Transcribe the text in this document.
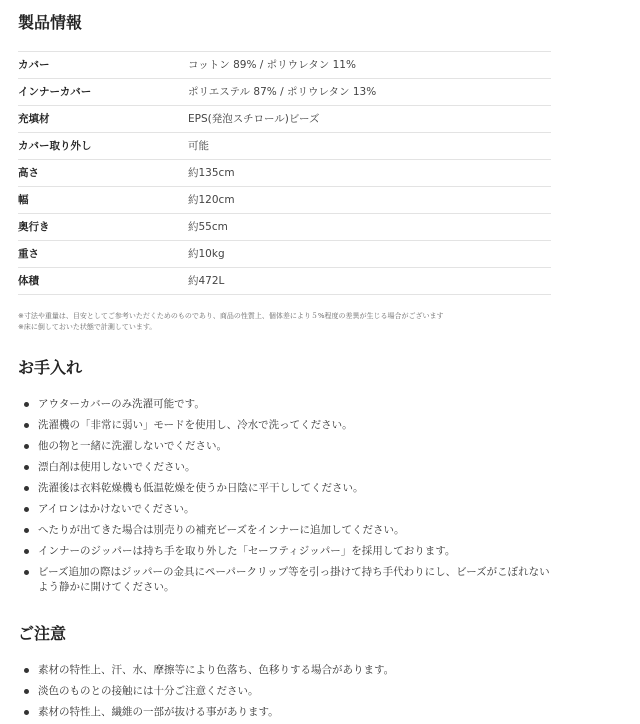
製品情報
カバー	コットン 89% / ポリウレタン 11%
インナーカバー	ポリエステル 87% / ポリウレタン 13%
充填材	EPS(発泡スチロール)ビーズ
カバー取り外し	可能
高さ	約135cm
幅	約120cm
奥行き	約55cm
重さ	約10kg
体積	約472L
※寸法や重量は、目安としてご参考いただくためのものであり、商品の性質上、個体差により５%程度の差異が生じる場合がございます
※床に倒しておいた状態で計測しています。
お手入れ
アウターカバーのみ洗濯可能です。
洗濯機の「非常に弱い」モードを使用し、冷水で洗ってください。
他の物と一緒に洗濯しないでください。
漂白剤は使用しないでください。
洗濯後は衣料乾燥機も低温乾燥を使うか日陰に平干ししてください。
アイロンはかけないでください。
へたりが出てきた場合は別売りの補充ビーズをインナーに追加してください。
インナーのジッパーは持ち手を取り外した「セーフティジッパー」を採用しております。
ビーズ追加の際はジッパーの金具にペーパークリップ等を引っ掛けて持ち手代わりにし、ビーズがこぼれないよう静かに開けてください。
ご注意
素材の特性上、汗、水、摩擦等により色落ち、色移りする場合があります。
淡色のものとの接触には十分ご注意ください。
素材の特性上、繊維の一部が抜ける事があります。
